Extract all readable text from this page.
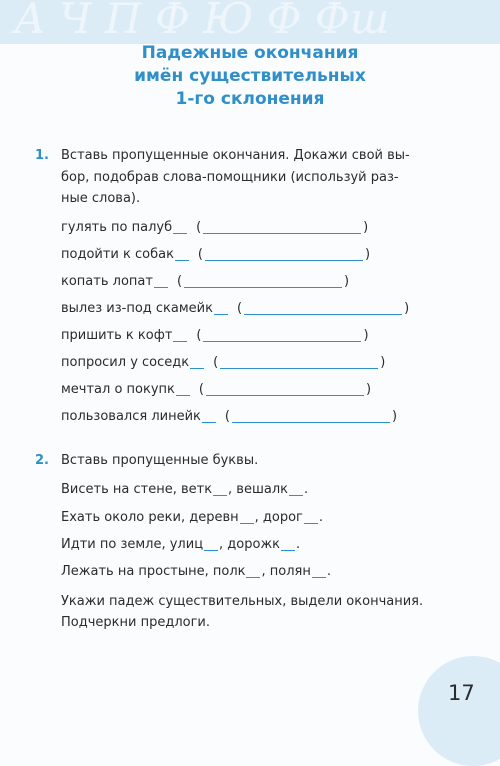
А Ч П Ф Ю Ф Фш
Падежные окончания
имён существительных
1-го склонения
1. Вставь пропущенные окончания. Докажи свой вы-
бор, подобрав слова-помощники (используй раз-
ные слова).
гулять по палуб (	)
подойти к собак (	)
копать лопат (	)
вылез из-под скамейк (	)
пришить к кофт (	)
попросил у соседк (	)
мечтал о покупк (	)
пользовался линейк (	)
2. Вставь пропущенные буквы.
Висеть на стене, ветк , вешалк .
Ехать около реки, деревн , дорог .
Идти по земле, улиц , дорожк .
Лежать на простыне, полк , полян .
Укажи падеж существительных, выдели окончания.
Подчеркни предлоги.
17
